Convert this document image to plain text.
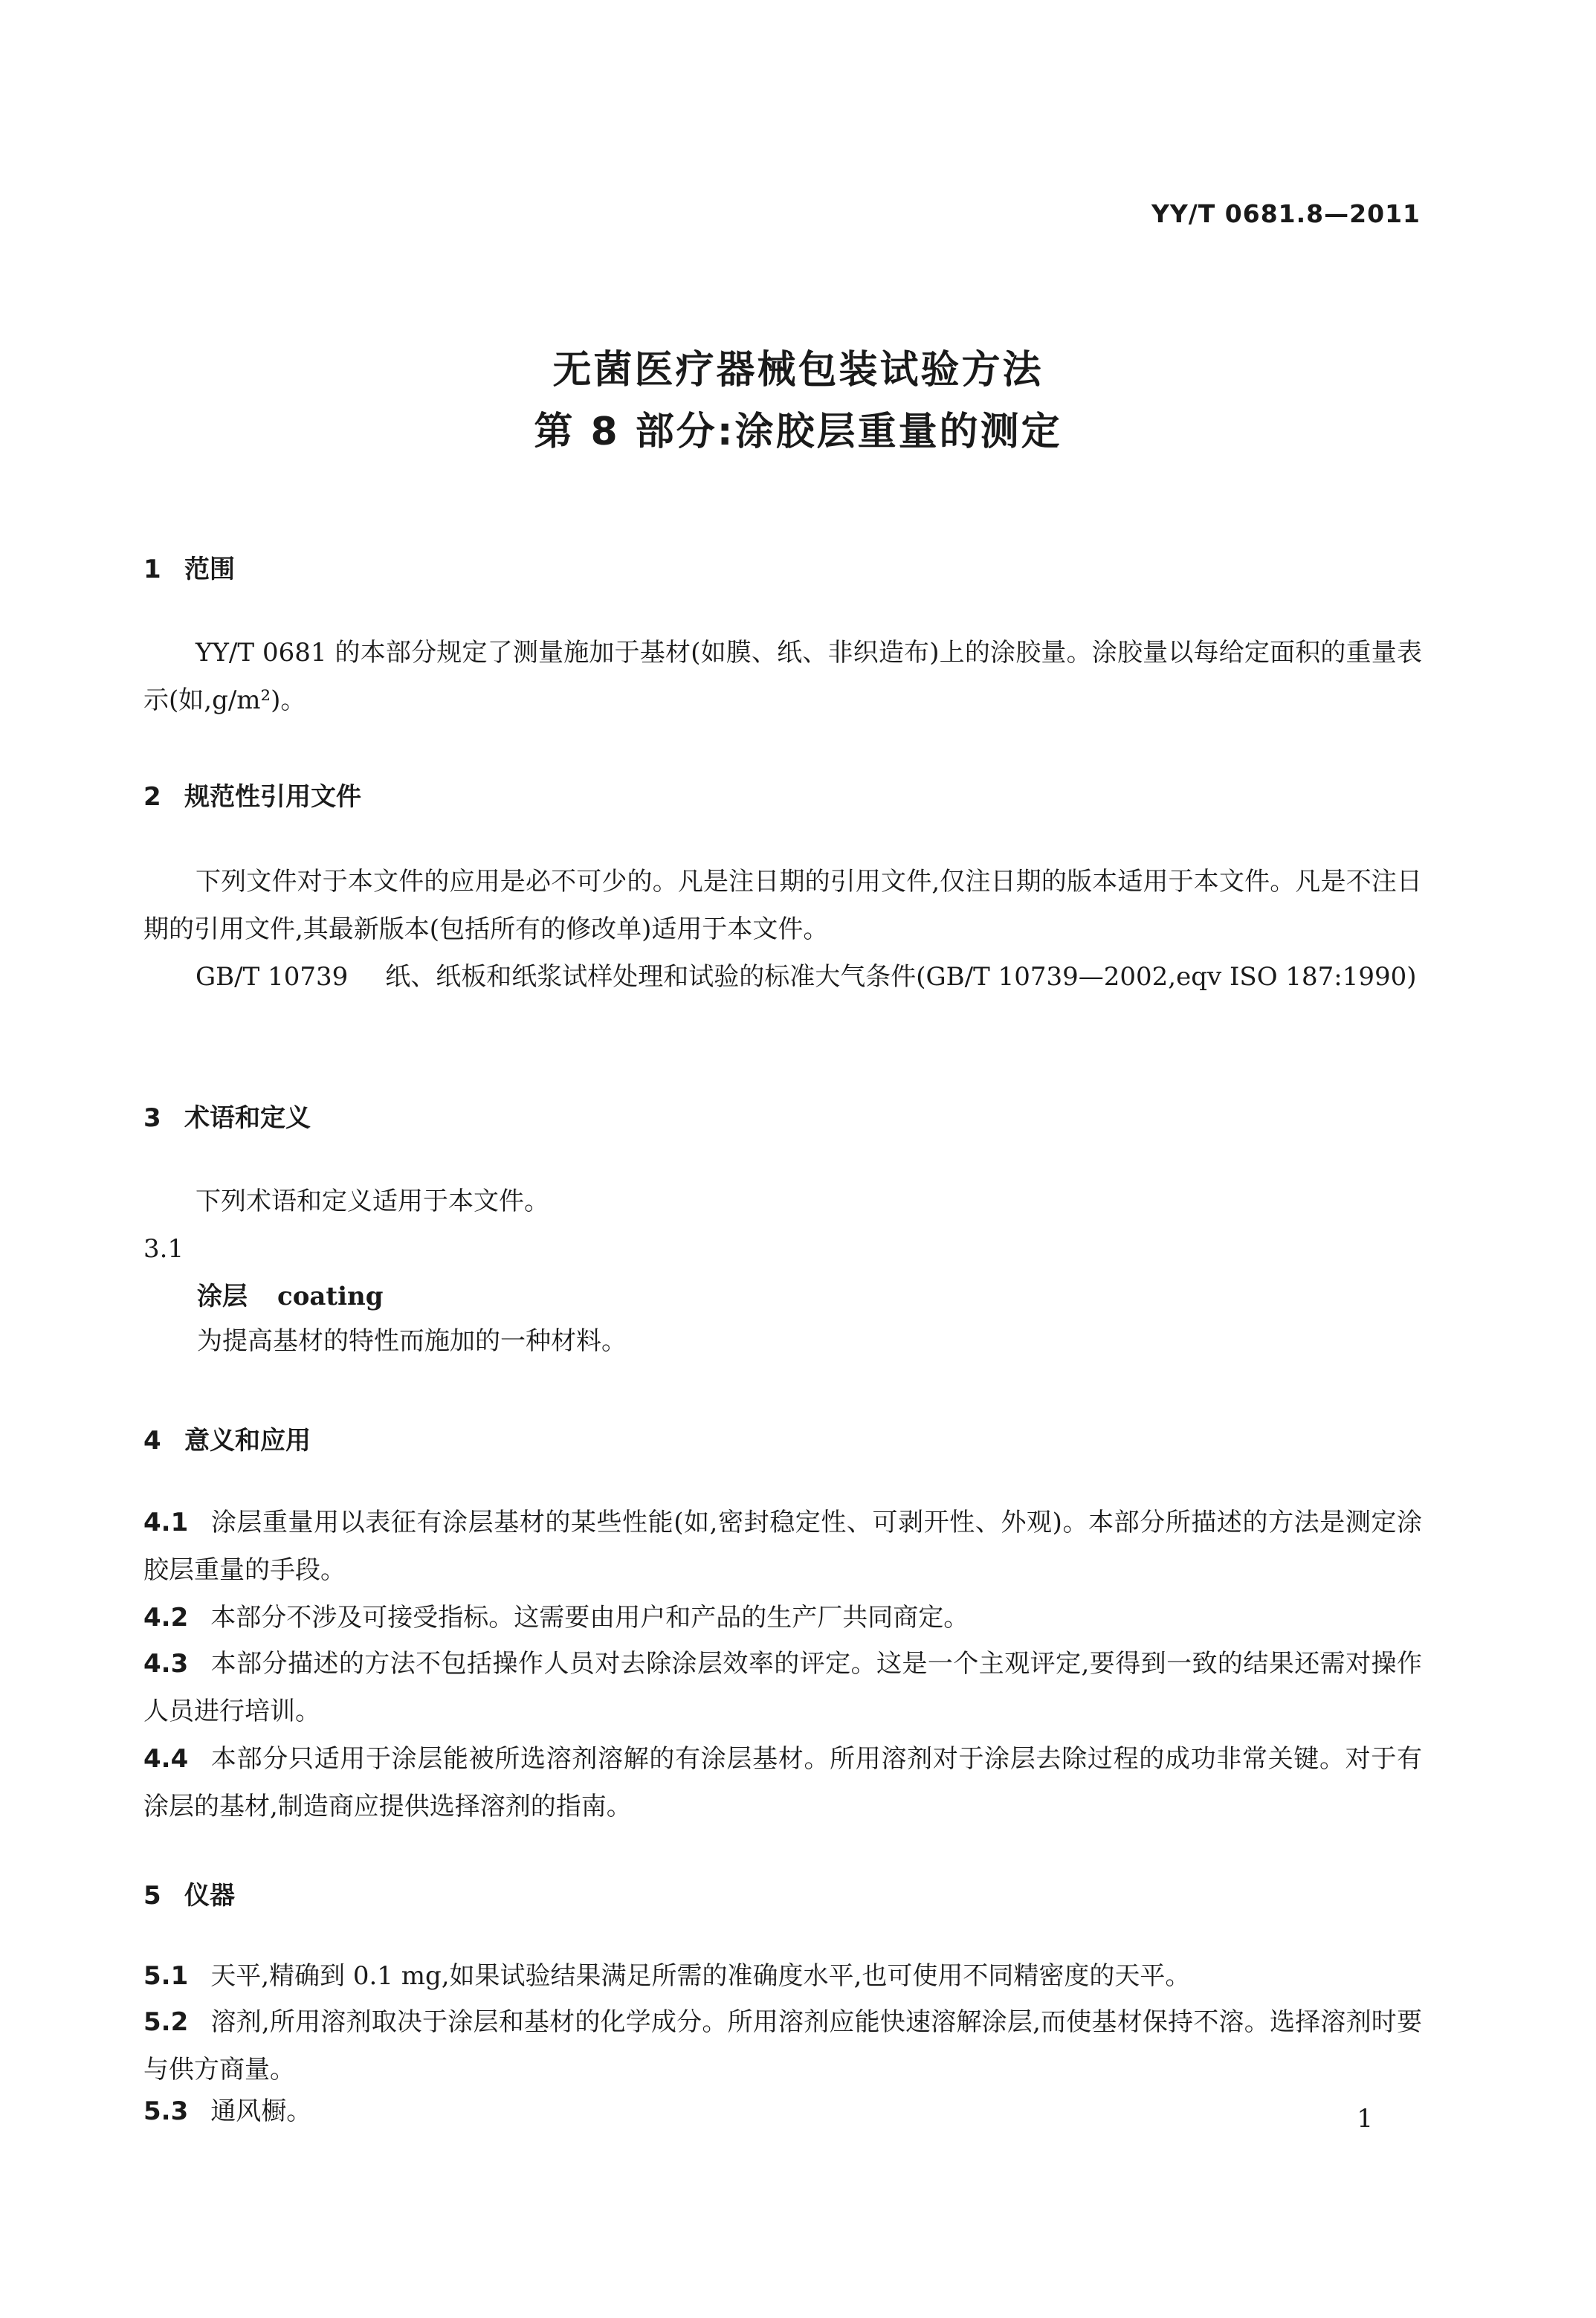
YY/T 0681.8—2011
无菌医疗器械包装试验方法
第 8 部分:涂胶层重量的测定
1 范围
YY/T 0681 的本部分规定了测量施加于基材(如膜、纸、非织造布)上的涂胶量。涂胶量以每给定面积的重量表示(如,g/m²)。
2 规范性引用文件
下列文件对于本文件的应用是必不可少的。凡是注日期的引用文件,仅注日期的版本适用于本文件。凡是不注日期的引用文件,其最新版本(包括所有的修改单)适用于本文件。
GB/T 10739 纸、纸板和纸浆试样处理和试验的标准大气条件(GB/T 10739—2002,eqv ISO 187:1990)
3 术语和定义
下列术语和定义适用于本文件。
3.1
涂层 coating
为提高基材的特性而施加的一种材料。
4 意义和应用
4.1 涂层重量用以表征有涂层基材的某些性能(如,密封稳定性、可剥开性、外观)。本部分所描述的方法是测定涂胶层重量的手段。
4.2 本部分不涉及可接受指标。这需要由用户和产品的生产厂共同商定。
4.3 本部分描述的方法不包括操作人员对去除涂层效率的评定。这是一个主观评定,要得到一致的结果还需对操作人员进行培训。
4.4 本部分只适用于涂层能被所选溶剂溶解的有涂层基材。所用溶剂对于涂层去除过程的成功非常关键。对于有涂层的基材,制造商应提供选择溶剂的指南。
5 仪器
5.1 天平,精确到 0.1 mg,如果试验结果满足所需的准确度水平,也可使用不同精密度的天平。
5.2 溶剂,所用溶剂取决于涂层和基材的化学成分。所用溶剂应能快速溶解涂层,而使基材保持不溶。选择溶剂时要与供方商量。
5.3 通风橱。	1
